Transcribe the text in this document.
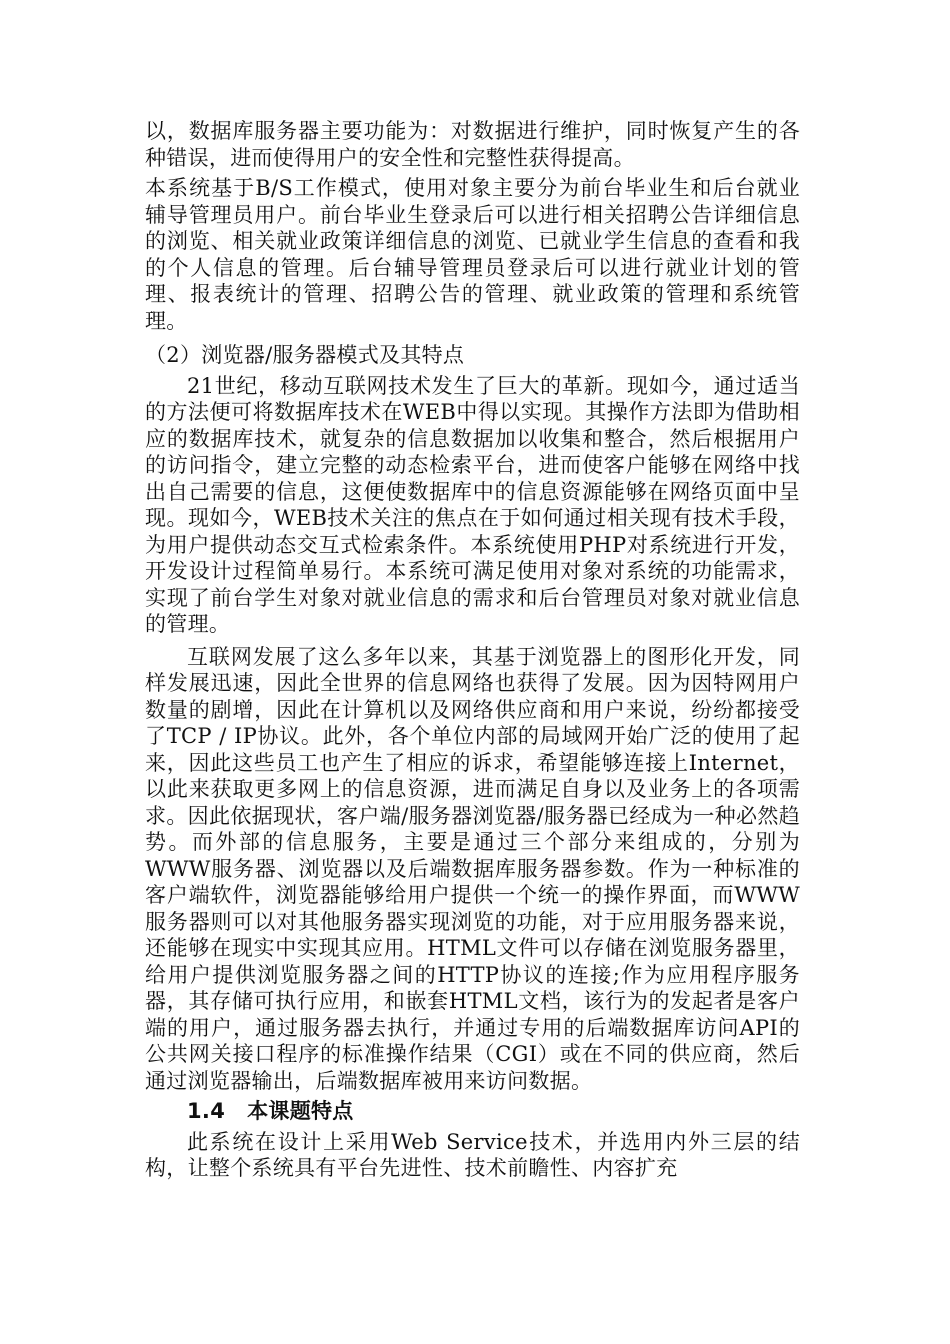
以，数据库服务器主要功能为：对数据进行维护，同时恢复产生的各种错误，进而使得用户的安全性和完整性获得提高。

本系统基于B/S工作模式，使用对象主要分为前台毕业生和后台就业辅导管理员用户。前台毕业生登录后可以进行相关招聘公告详细信息的浏览、相关就业政策详细信息的浏览、已就业学生信息的查看和我的个人信息的管理。后台辅导管理员登录后可以进行就业计划的管理、报表统计的管理、招聘公告的管理、就业政策的管理和系统管理。

（2）浏览器/服务器模式及其特点

21世纪，移动互联网技术发生了巨大的革新。现如今，通过适当的方法便可将数据库技术在WEB中得以实现。其操作方法即为借助相应的数据库技术，就复杂的信息数据加以收集和整合，然后根据用户的访问指令，建立完整的动态检索平台，进而使客户能够在网络中找出自己需要的信息，这便使数据库中的信息资源能够在网络页面中呈现。现如今，WEB技术关注的焦点在于如何通过相关现有技术手段，为用户提供动态交互式检索条件。本系统使用PHP对系统进行开发，开发设计过程简单易行。本系统可满足使用对象对系统的功能需求，实现了前台学生对象对就业信息的需求和后台管理员对象对就业信息的管理。

互联网发展了这么多年以来，其基于浏览器上的图形化开发，同样发展迅速，因此全世界的信息网络也获得了发展。因为因特网用户数量的剧增，因此在计算机以及网络供应商和用户来说，纷纷都接受了TCP / IP协议。此外，各个单位内部的局域网开始广泛的使用了起来，因此这些员工也产生了相应的诉求，希望能够连接上Internet，以此来获取更多网上的信息资源，进而满足自身以及业务上的各项需求。因此依据现状，客户端/服务器浏览器/服务器已经成为一种必然趋势。而外部的信息服务，主要是通过三个部分来组成的，分别为WWW服务器、浏览器以及后端数据库服务器参数。作为一种标准的客户端软件，浏览器能够给用户提供一个统一的操作界面，而WWW服务器则可以对其他服务器实现浏览的功能，对于应用服务器来说，还能够在现实中实现其应用。HTML文件可以存储在浏览服务器里，给用户提供浏览服务器之间的HTTP协议的连接;作为应用程序服务器，其存储可执行应用，和嵌套HTML文档，该行为的发起者是客户端的用户，通过服务器去执行，并通过专用的后端数据库访问API的公共网关接口程序的标准操作结果（CGI）或在不同的供应商，然后通过浏览器输出，后端数据库被用来访问数据。

1.4 本课题特点

此系统在设计上采用Web Service技术，并选用内外三层的结构，让整个系统具有平台先进性、技术前瞻性、内容扩充
